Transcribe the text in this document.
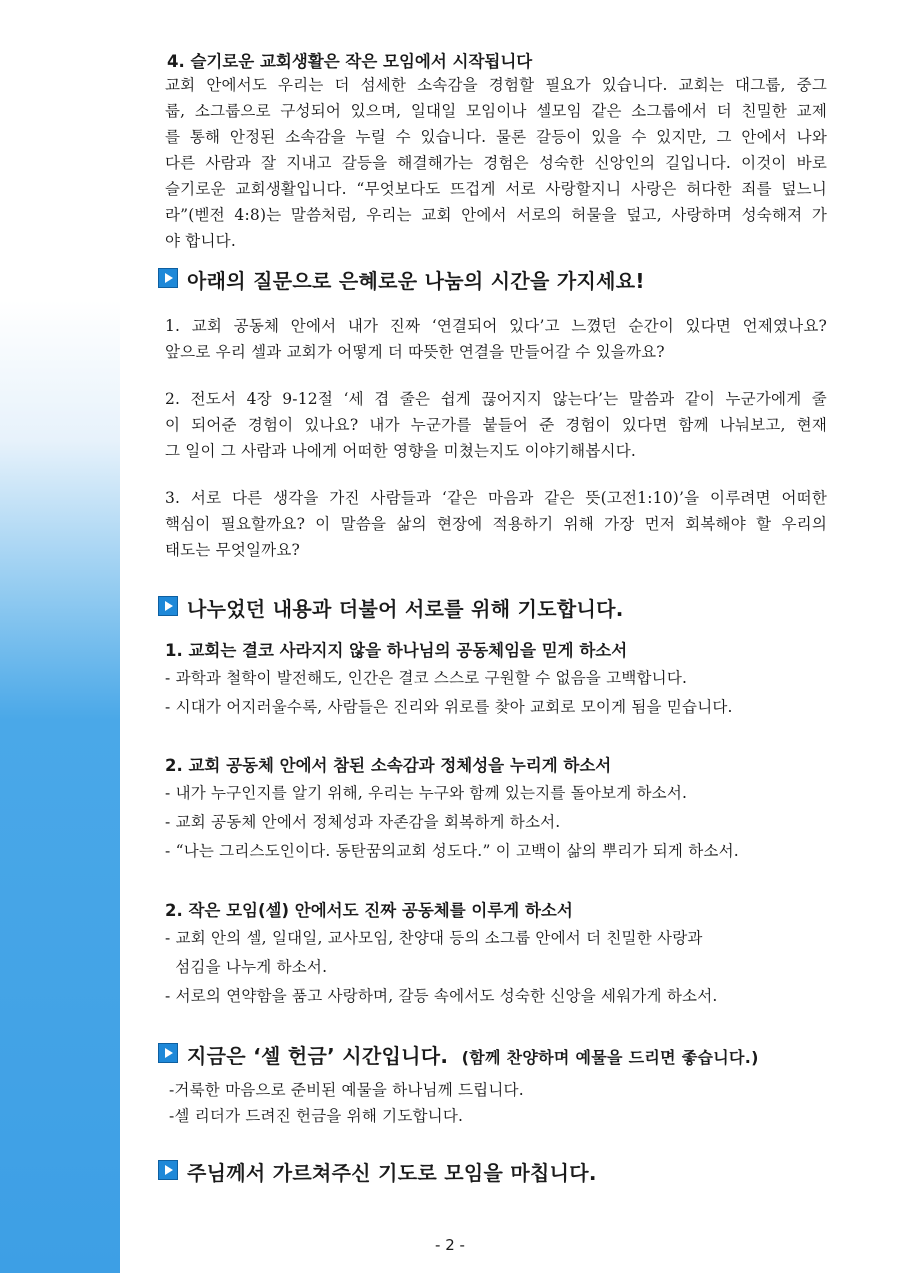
4. 슬기로운 교회생활은 작은 모임에서 시작됩니다
교회 안에서도 우리는 더 섬세한 소속감을 경험할 필요가 있습니다. 교회는 대그룹, 중그
룹, 소그룹으로 구성되어 있으며, 일대일 모임이나 셀모임 같은 소그룹에서 더 친밀한 교제
를 통해 안정된 소속감을 누릴 수 있습니다. 물론 갈등이 있을 수 있지만, 그 안에서 나와
다른 사람과 잘 지내고 갈등을 해결해가는 경험은 성숙한 신앙인의 길입니다. 이것이 바로
슬기로운 교회생활입니다. “무엇보다도 뜨겁게 서로 사랑할지니 사랑은 허다한 죄를 덮느니
라”(벧전 4:8)는 말씀처럼, 우리는 교회 안에서 서로의 허물을 덮고, 사랑하며 성숙해져 가
야 합니다.
아래의 질문으로 은혜로운 나눔의 시간을 가지세요!
1. 교회 공동체 안에서 내가 진짜 ‘연결되어 있다’고 느꼈던 순간이 있다면 언제였나요?
앞으로 우리 셀과 교회가 어떻게 더 따뜻한 연결을 만들어갈 수 있을까요?
2. 전도서 4장 9-12절 ‘세 겹 줄은 쉽게 끊어지지 않는다’는 말씀과 같이 누군가에게 줄
이 되어준 경험이 있나요? 내가 누군가를 붙들어 준 경험이 있다면 함께 나눠보고, 현재
그 일이 그 사람과 나에게 어떠한 영향을 미쳤는지도 이야기해봅시다.
3. 서로 다른 생각을 가진 사람들과 ‘같은 마음과 같은 뜻(고전1:10)’을 이루려면 어떠한
핵심이 필요할까요? 이 말씀을 삶의 현장에 적용하기 위해 가장 먼저 회복해야 할 우리의
태도는 무엇일까요?
나누었던 내용과 더불어 서로를 위해 기도합니다.
1. 교회는 결코 사라지지 않을 하나님의 공동체임을 믿게 하소서
- 과학과 철학이 발전해도, 인간은 결코 스스로 구원할 수 없음을 고백합니다.
- 시대가 어지러울수록, 사람들은 진리와 위로를 찾아 교회로 모이게 됨을 믿습니다.
2. 교회 공동체 안에서 참된 소속감과 정체성을 누리게 하소서
- 내가 누구인지를 알기 위해, 우리는 누구와 함께 있는지를 돌아보게 하소서.
- 교회 공동체 안에서 정체성과 자존감을 회복하게 하소서.
- “나는 그리스도인이다. 동탄꿈의교회 성도다.” 이 고백이 삶의 뿌리가 되게 하소서.
2. 작은 모임(셀) 안에서도 진짜 공동체를 이루게 하소서
- 교회 안의 셀, 일대일, 교사모임, 찬양대 등의 소그룹 안에서 더 친밀한 사랑과
섬김을 나누게 하소서.
- 서로의 연약함을 품고 사랑하며, 갈등 속에서도 성숙한 신앙을 세워가게 하소서.
지금은 ‘셀 헌금’ 시간입니다. (함께 찬양하며 예물을 드리면 좋습니다.)
-거룩한 마음으로 준비된 예물을 하나님께 드립니다.
-셀 리더가 드려진 헌금을 위해 기도합니다.
주님께서 가르쳐주신 기도로 모임을 마칩니다.
- 2 -
